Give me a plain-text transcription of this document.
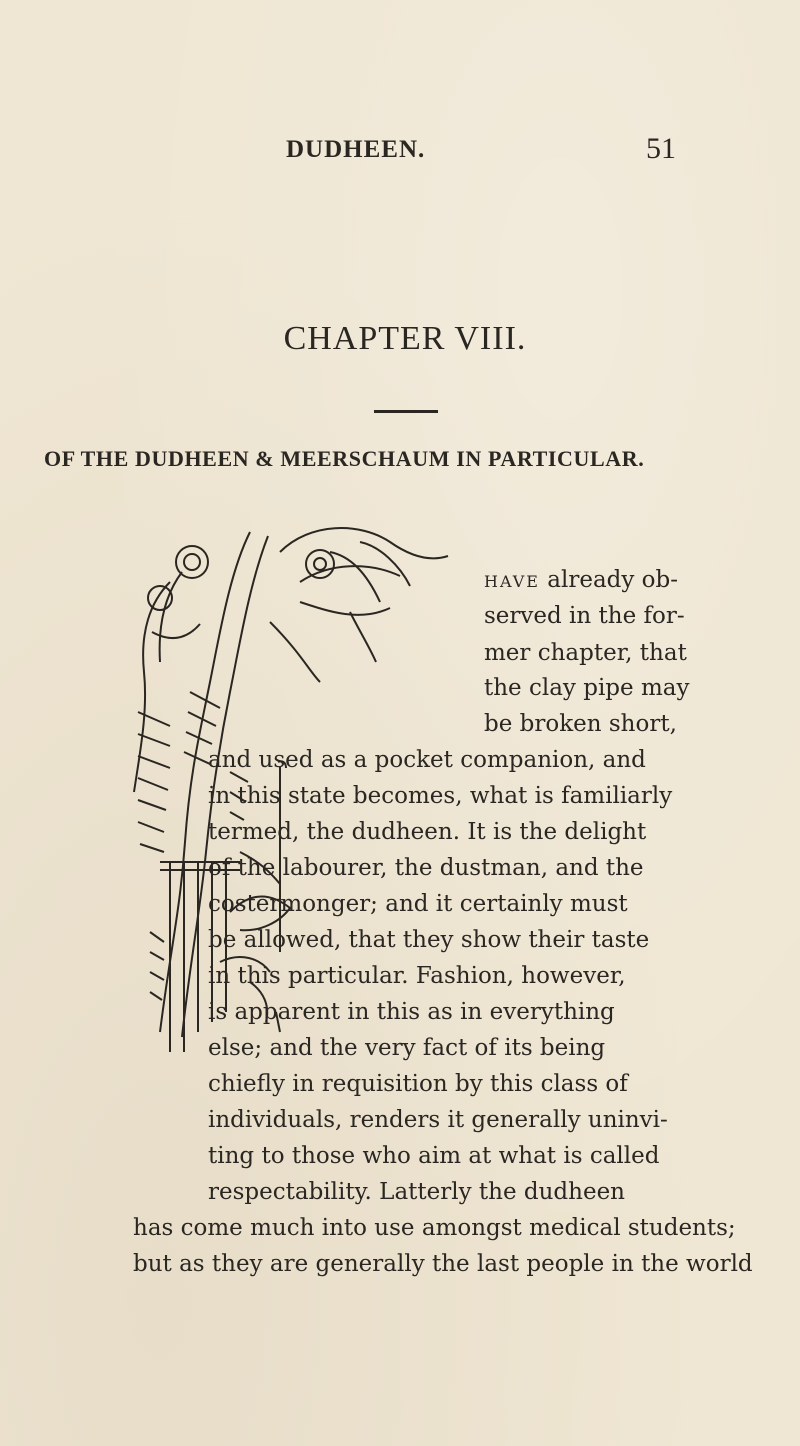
DUDHEEN.	51
CHAPTER VIII.
OF THE DUDHEEN & MEERSCHAUM IN PARTICULAR.
have already ob-
served in the for-
mer chapter, that
the clay pipe may
be broken short,
and used as a pocket companion, and
in this state becomes, what is familiarly
termed, the dudheen. It is the delight
of the labourer, the dustman, and the
costermonger; and it certainly must
be allowed, that they show their taste
in this particular. Fashion, however,
is apparent in this as in everything
else; and the very fact of its being
chiefly in requisition by this class of
individuals, renders it generally uninvi-
ting to those who aim at what is called
respectability. Latterly the dudheen
has come much into use amongst medical students;
but as they are generally the last people in the world
